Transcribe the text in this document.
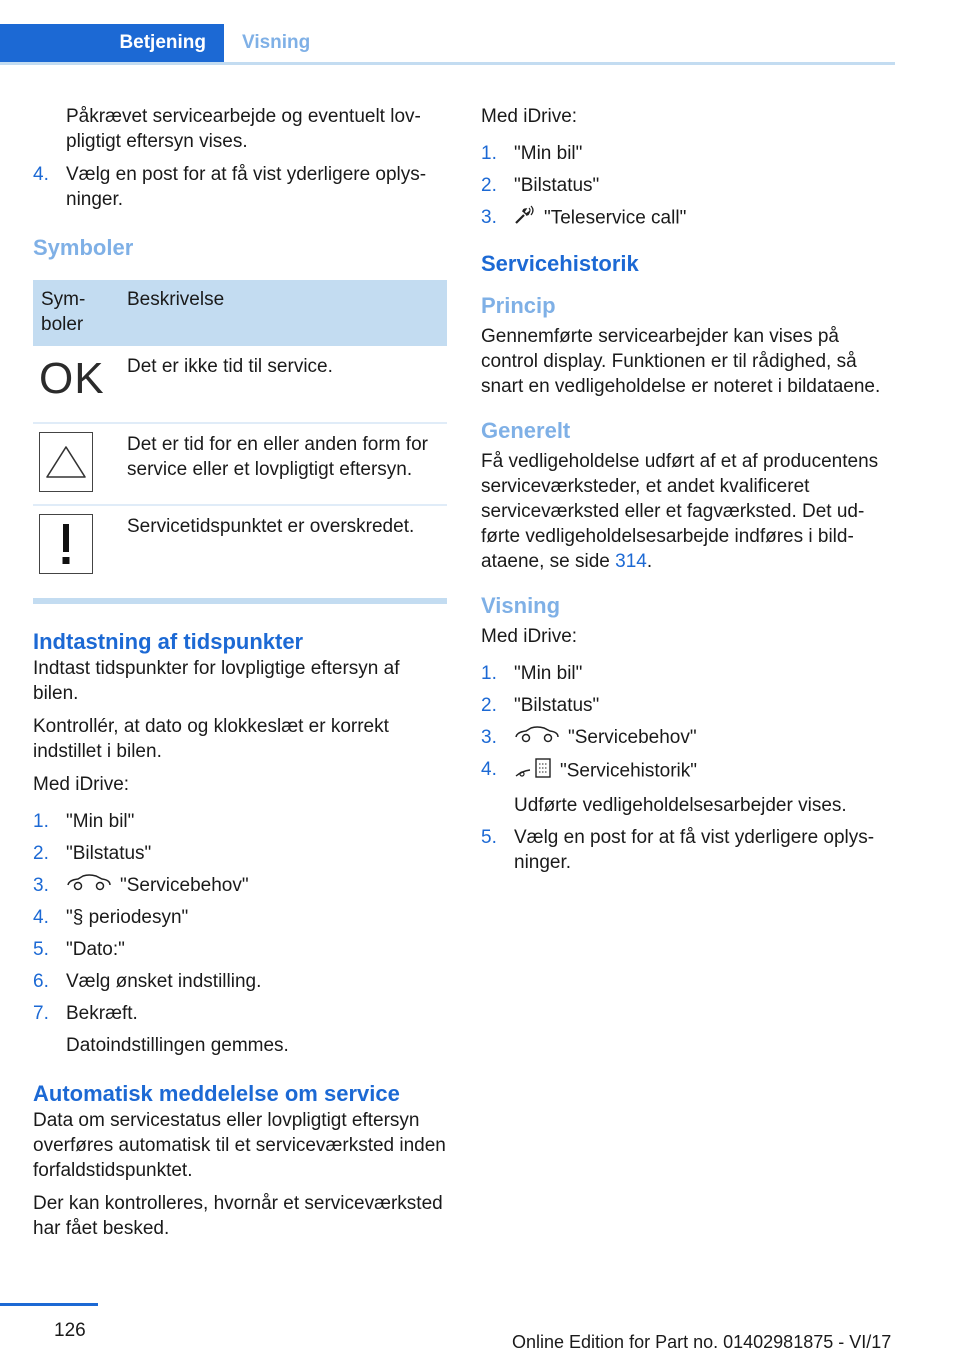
Betjening	Visning

Påkrævet servicearbejde og eventuelt lovpligtigt eftersyn vises.

4. Vælg en post for at få vist yderligere oplysninger.
Symboler
Symboler	Beskrivelse

OK	Det er ikke tid til service.

	Det er tid for en eller anden form for service eller et lovpligtigt eftersyn.

	Servicetidspunktet er overskredet.
Indtastning af tidspunkter

Indtast tidspunkter for lovpligtige eftersyn af bilen.

Kontrollér, at dato og klokkeslæt er korrekt indstillet i bilen.

Med iDrive:

1. "Min bil"
2. "Bilstatus"
3.	"Servicebehov"
4. "§ periodesyn"
5. "Dato:"
6. Vælg ønsket indstilling.
7. Bekræft.
Datoindstillingen gemmes.
Automatisk meddelelse om service

Data om servicestatus eller lovpligtigt eftersyn overføres automatisk til et serviceværksted inden forfaldstidspunktet.

Der kan kontrolleres, hvornår et serviceværksted har fået besked.

Med iDrive:

1. "Min bil"
2. "Bilstatus"
3. "Teleservice call"
Servicehistorik
Princip

Gennemførte servicearbejder kan vises på control display. Funktionen er til rådighed, så snart en vedligeholdelse er noteret i bildataene.

Generelt

Få vedligeholdelse udført af et af producentens serviceværksteder, et andet kvalificeret serviceværksted eller et fagværksted. Det udførte vedligeholdelsesarbejde indføres i bildataene, se side 314.

Visning

Med iDrive:

1. "Min bil"
2. "Bilstatus"
3.	"Servicebehov"
4.	"Servicehistorik"
Udførte vedligeholdelsesarbejder vises.
5. Vælg en post for at få vist yderligere oplysninger.
126
Online Edition for Part no. 01402981875 - VI/17
